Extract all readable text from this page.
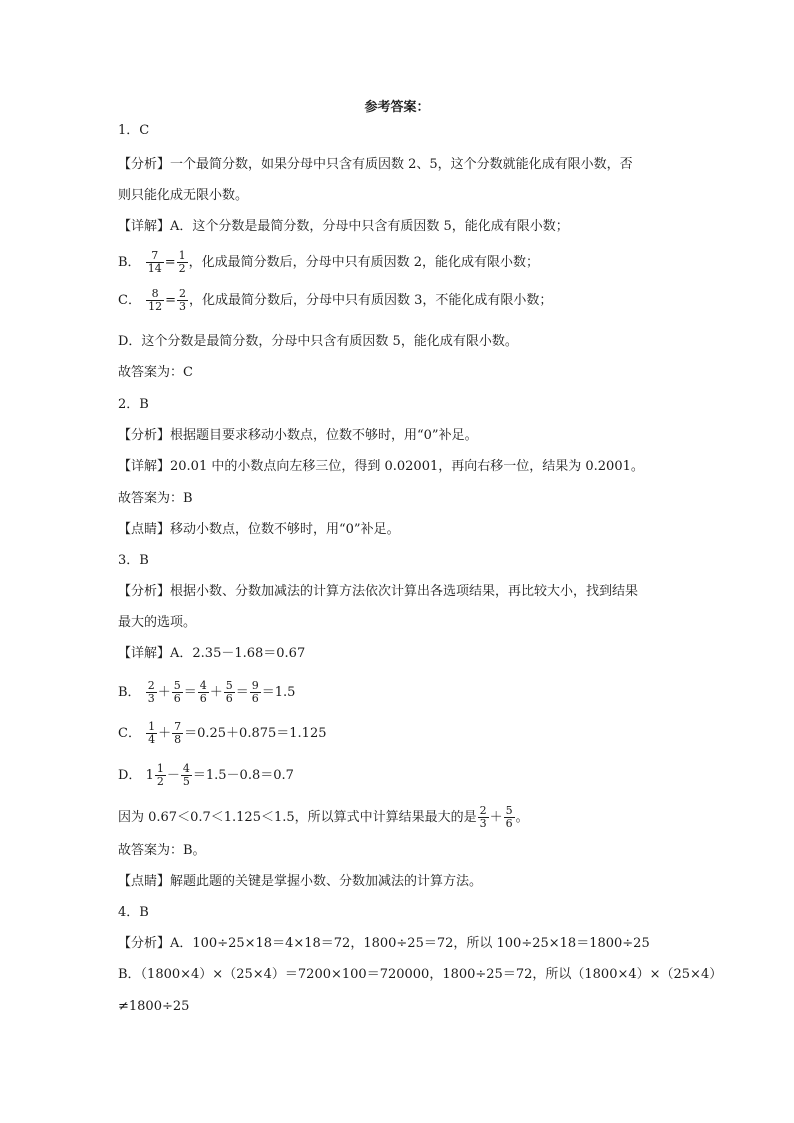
参考答案：
1．C
【分析】一个最简分数，如果分母中只含有质因数 2、5，这个分数就能化成有限小数，否
则只能化成无限小数。
【详解】A．这个分数是最简分数，分母中只含有质因数 5，能化成有限小数；
B． $\frac{7}{14} = \frac{1}{2}$ ，化成最简分数后，分母中只有质因数 2，能化成有限小数；
C． $\frac{8}{12} = \frac{2}{3}$ ，化成最简分数后，分母中只有质因数 3，不能化成有限小数；
D．这个分数是最简分数，分母中只含有质因数 5，能化成有限小数。
故答案为：C
2．B
【分析】根据题目要求移动小数点，位数不够时，用“0”补足。
【详解】20.01 中的小数点向左移三位，得到 0.02001，再向右移一位，结果为 0.2001。
故答案为：B
【点睛】移动小数点，位数不够时，用“0”补足。
3．B
【分析】根据小数、分数加减法的计算方法依次计算出各选项结果，再比较大小，找到结果
最大的选项。
【详解】A．2.35－1.68＝0.67
B． $\frac{2}{3} + \frac{5}{6} = \frac{4}{6} + \frac{5}{6} = \frac{9}{6} =1.5$
C． $\frac{1}{4} + \frac{7}{8} =0.25+0.875=1.125$
D． $1 \frac{1}{2} - \frac{4}{5} =1.5-0.8=0.7$
因为 0.67＜0.7＜1.125＜1.5，所以算式中计算结果最大的是 $\frac{2}{3} + \frac{5}{6}$ 。
故答案为：B。
【点睛】解题此题的关键是掌握小数、分数加减法的计算方法。
4．B
【分析】A．100÷25×18＝4×18＝72，1800÷25＝72，所以 100÷25×18＝1800÷25
B．（1800×4）×（25×4）＝7200×100＝720000，1800÷25＝72，所以（1800×4）×（25×4）
≠1800÷25
